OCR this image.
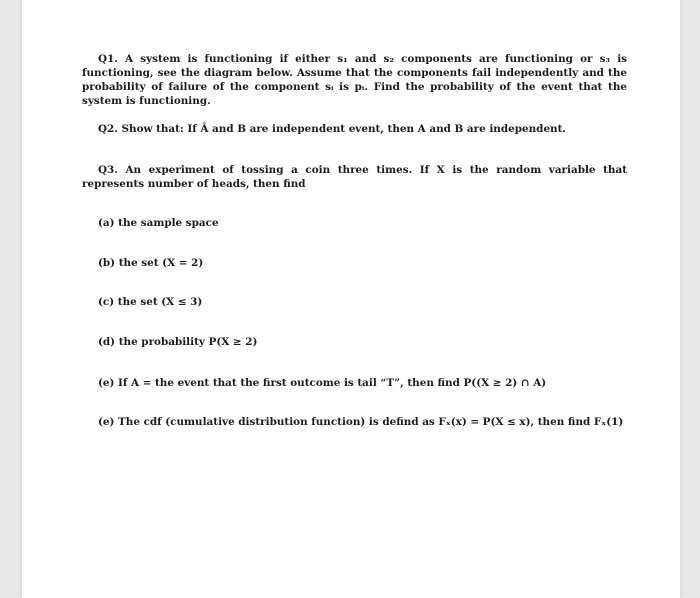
Q1. A system is functioning if either s₁ and s₂ components are functioning or s₃ is functioning, see the diagram below. Assume that the components fail independently and the probability of failure of the component sᵢ is pᵢ. Find the probability of the event that the system is functioning.
Q2. Show that: If Â and B are independent event, then A and B are independent.
Q3. An experiment of tossing a coin three times. If X is the random variable that represents number of heads, then find
(a) the sample space
(b) the set (X = 2)
(c) the set (X ≤ 3)
(d) the probability P(X ≥ 2)
(e) If A = the event that the first outcome is tail “T”, then find P((X ≥ 2) ∩ A)
(e) The cdf (cumulative distribution function) is defind as Fₓ(x) = P(X ≤ x), then find Fₓ(1)
